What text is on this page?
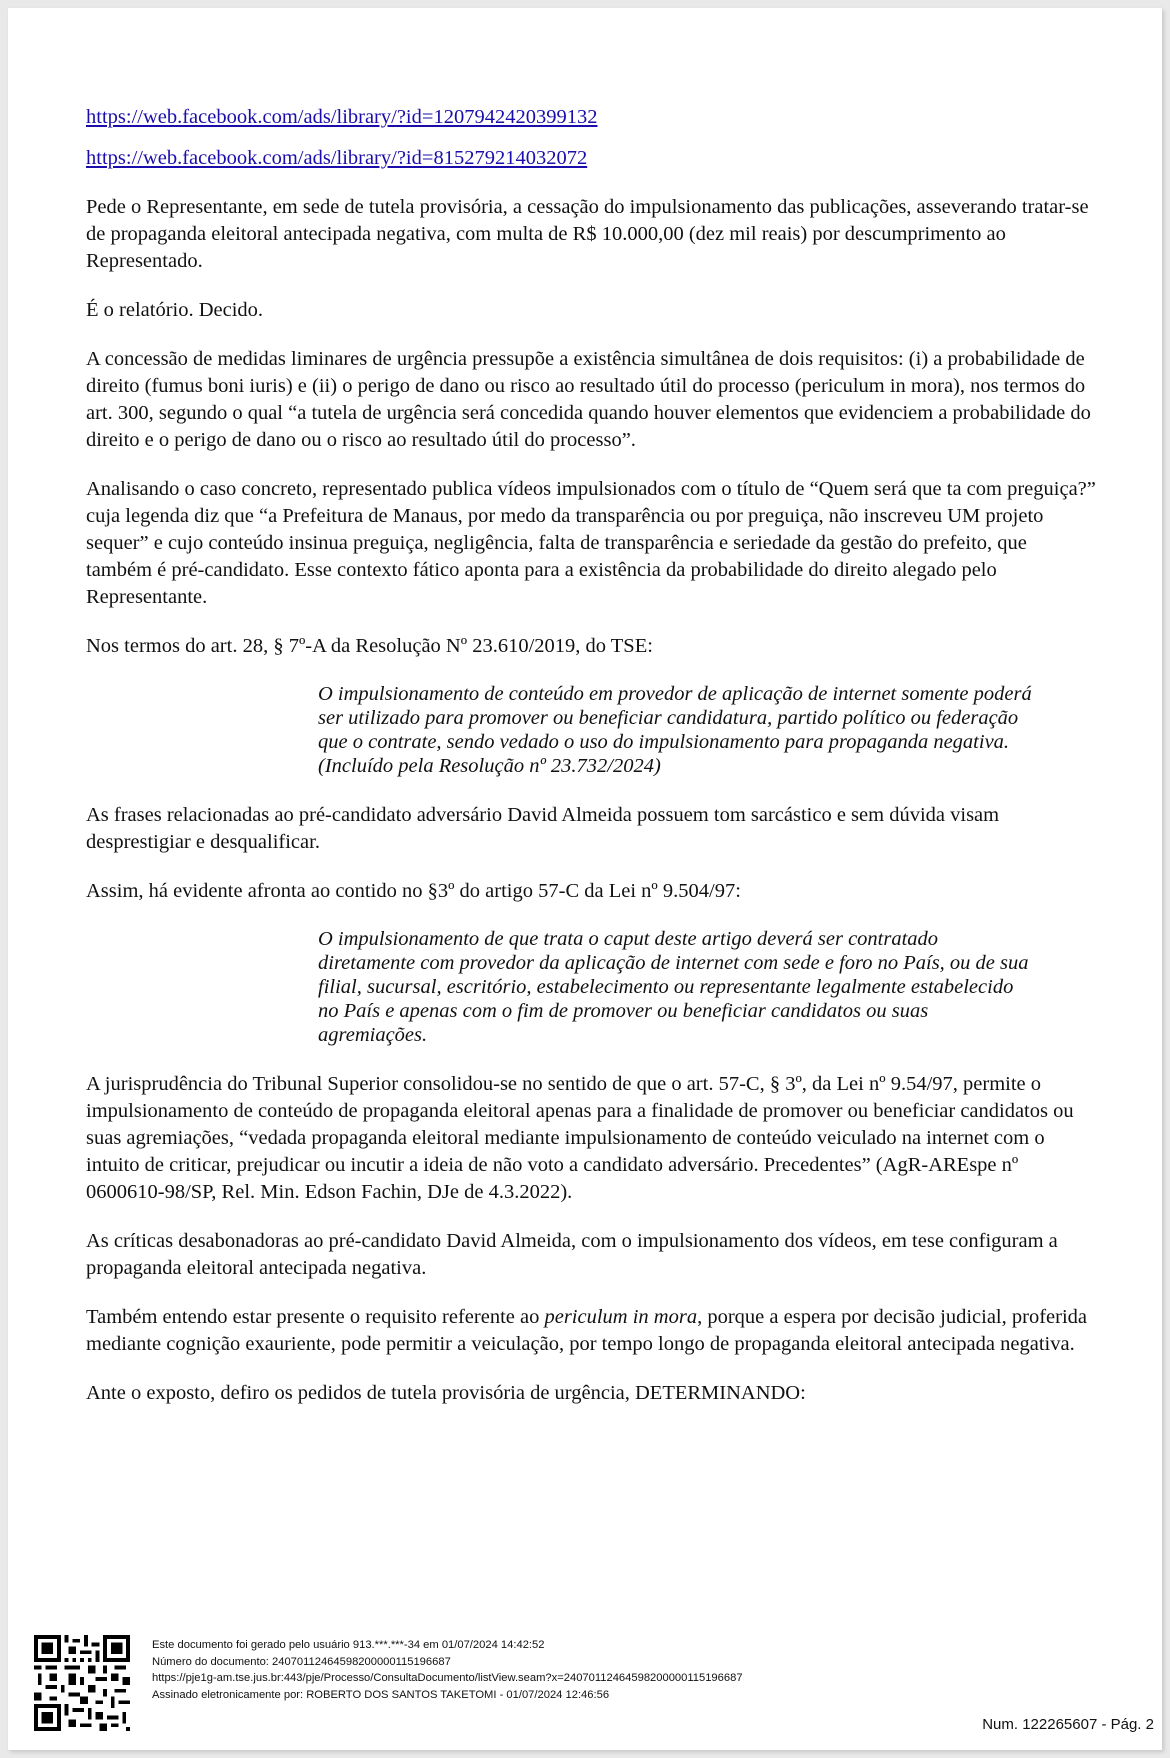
https://web.facebook.com/ads/library/?id=1207942420399132
https://web.facebook.com/ads/library/?id=815279214032072

Pede o Representante, em sede de tutela provisória, a cessação do impulsionamento das publicações, asseverando tratar-se de propaganda eleitoral antecipada negativa, com multa de R$ 10.000,00 (dez mil reais) por descumprimento ao Representado.

É o relatório. Decido.

A concessão de medidas liminares de urgência pressupõe a existência simultânea de dois requisitos: (i) a probabilidade de direito (fumus boni iuris) e (ii) o perigo de dano ou risco ao resultado útil do processo (periculum in mora), nos termos do art. 300, segundo o qual “a tutela de urgência será concedida quando houver elementos que evidenciem a probabilidade do direito e o perigo de dano ou o risco ao resultado útil do processo”.

Analisando o caso concreto, representado publica vídeos impulsionados com o título de “Quem será que ta com preguiça?” cuja legenda diz que “a Prefeitura de Manaus, por medo da transparência ou por preguiça, não inscreveu UM projeto sequer” e cujo conteúdo insinua preguiça, negligência, falta de transparência e seriedade da gestão do prefeito, que também é pré-candidato. Esse contexto fático aponta para a existência da probabilidade do direito alegado pelo Representante.

Nos termos do art. 28, § 7º-A da Resolução Nº 23.610/2019, do TSE:

O impulsionamento de conteúdo em provedor de aplicação de internet somente poderá ser utilizado para promover ou beneficiar candidatura, partido político ou federação que o contrate, sendo vedado o uso do impulsionamento para propaganda negativa. (Incluído pela Resolução nº 23.732/2024)

As frases relacionadas ao pré-candidato adversário David Almeida possuem tom sarcástico e sem dúvida visam desprestigiar e desqualificar.

Assim, há evidente afronta ao contido no §3º do artigo 57-C da Lei nº 9.504/97:

O impulsionamento de que trata o caput deste artigo deverá ser contratado diretamente com provedor da aplicação de internet com sede e foro no País, ou de sua filial, sucursal, escritório, estabelecimento ou representante legalmente estabelecido no País e apenas com o fim de promover ou beneficiar candidatos ou suas agremiações.

A jurisprudência do Tribunal Superior consolidou-se no sentido de que o art. 57-C, § 3º, da Lei nº 9.54/97, permite o impulsionamento de conteúdo de propaganda eleitoral apenas para a finalidade de promover ou beneficiar candidatos ou suas agremiações, “vedada propaganda eleitoral mediante impulsionamento de conteúdo veiculado na internet com o intuito de criticar, prejudicar ou incutir a ideia de não voto a candidato adversário. Precedentes” (AgR-AREspe nº 0600610-98/SP, Rel. Min. Edson Fachin, DJe de 4.3.2022).

As críticas desabonadoras ao pré-candidato David Almeida, com o impulsionamento dos vídeos, em tese configuram a propaganda eleitoral antecipada negativa.

Também entendo estar presente o requisito referente ao periculum in mora, porque a espera por decisão judicial, proferida mediante cognição exauriente, pode permitir a veiculação, por tempo longo de propaganda eleitoral antecipada negativa.

Ante o exposto, defiro os pedidos de tutela provisória de urgência, DETERMINANDO:

Este documento foi gerado pelo usuário 913.***.***-34 em 01/07/2024 14:42:52
Número do documento: 24070112464598200000115196687
https://pje1g-am.tse.jus.br:443/pje/Processo/ConsultaDocumento/listView.seam?x=24070112464598200000115196687
Assinado eletronicamente por: ROBERTO DOS SANTOS TAKETOMI - 01/07/2024 12:46:56
Num. 122265607 - Pág. 2
